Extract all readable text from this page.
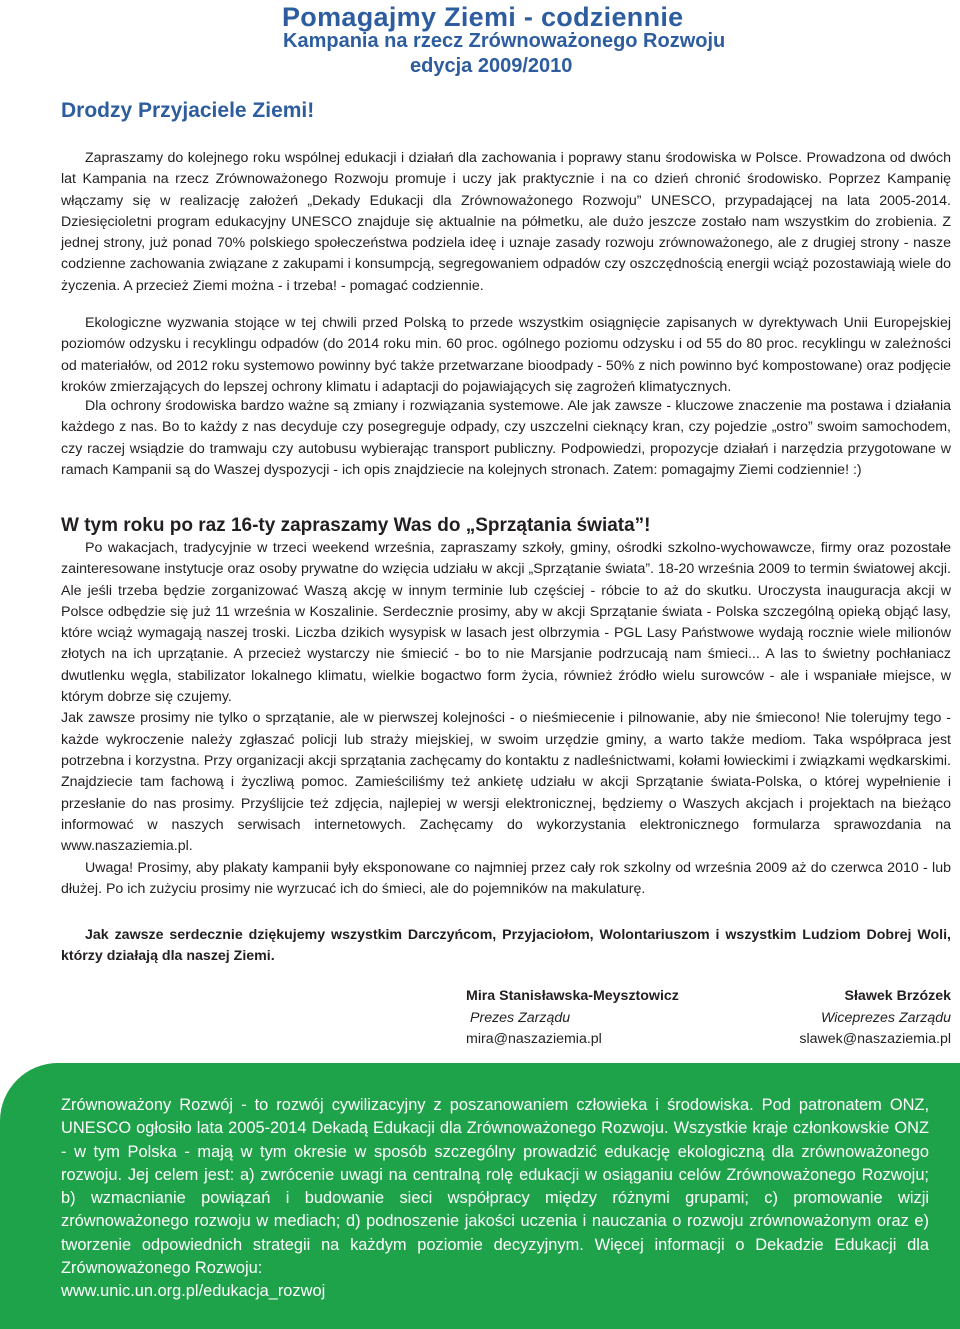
Pomagajmy Ziemi - codziennie
Kampania na rzecz Zrównoważonego Rozwoju
edycja 2009/2010
Drodzy Przyjaciele Ziemi!

Zapraszamy do kolejnego roku wspólnej edukacji i działań dla zachowania i poprawy stanu środowiska w Polsce. Prowadzona od dwóch lat Kampania na rzecz Zrównoważonego Rozwoju promuje i uczy jak praktycznie i na co dzień chronić środowisko. Poprzez Kampanię włączamy się w realizację założeń „Dekady Edukacji dla Zrównoważonego Rozwoju” UNESCO, przypadającej na lata 2005-2014. Dziesięcioletni program edukacyjny UNESCO znajduje się aktualnie na półmetku, ale dużo jeszcze zostało nam wszystkim do zrobienia. Z jednej strony, już ponad 70% polskiego społeczeństwa podziela ideę i uznaje zasady rozwoju zrównoważonego, ale z drugiej strony - nasze codzienne zachowania związane z zakupami i konsumpcją, segregowaniem odpadów czy oszczędnością energii wciąż pozostawiają wiele do życzenia. A przecież Ziemi można - i trzeba! - pomagać codziennie.

Ekologiczne wyzwania stojące w tej chwili przed Polską to przede wszystkim osiągnięcie zapisanych w dyrektywach Unii Europejskiej poziomów odzysku i recyklingu odpadów (do 2014 roku min. 60 proc. ogólnego poziomu odzysku i od 55 do 80 proc. recyklingu w zależności od materiałów, od 2012 roku systemowo powinny być także przetwarzane bioodpady - 50% z nich powinno być kompostowane) oraz podjęcie kroków zmierzających do lepszej ochrony klimatu i adaptacji do pojawiających się zagrożeń klimatycznych.

Dla ochrony środowiska bardzo ważne są zmiany i rozwiązania systemowe. Ale jak zawsze - kluczowe znaczenie ma postawa i działania każdego z nas. Bo to każdy z nas decyduje czy posegreguje odpady, czy uszczelni cieknący kran, czy pojedzie „ostro” swoim samochodem, czy raczej wsiądzie do tramwaju czy autobusu wybierając transport publiczny. Podpowiedzi, propozycje działań i narzędzia przygotowane w ramach Kampanii są do Waszej dyspozycji - ich opis znajdziecie na kolejnych stronach. Zatem: pomagajmy Ziemi codziennie! :)

W tym roku po raz 16-ty zapraszamy Was do „Sprzątania świata”!

Po wakacjach, tradycyjnie w trzeci weekend września, zapraszamy szkoły, gminy, ośrodki szkolno-wychowawcze, firmy oraz pozostałe zainteresowane instytucje oraz osoby prywatne do wzięcia udziału w akcji „Sprzątanie świata”. 18-20 września 2009 to termin światowej akcji. Ale jeśli trzeba będzie zorganizować Waszą akcję w innym terminie lub częściej - róbcie to aż do skutku. Uroczysta inauguracja akcji w Polsce odbędzie się już 11 września w Koszalinie. Serdecznie prosimy, aby w akcji Sprzątanie świata - Polska szczególną opieką objąć lasy, które wciąż wymagają naszej troski. Liczba dzikich wysypisk w lasach jest olbrzymia - PGL Lasy Państwowe wydają rocznie wiele milionów złotych na ich uprzątanie. A przecież wystarczy nie śmiecić - bo to nie Marsjanie podrzucają nam śmieci... A las to świetny pochłaniacz dwutlenku węgla, stabilizator lokalnego klimatu, wielkie bogactwo form życia, również źródło wielu surowców - ale i wspaniałe miejsce, w którym dobrze się czujemy.

Jak zawsze prosimy nie tylko o sprzątanie, ale w pierwszej kolejności - o nieśmiecenie i pilnowanie, aby nie śmiecono! Nie tolerujmy tego - każde wykroczenie należy zgłaszać policji lub straży miejskiej, w swoim urzędzie gminy, a warto także mediom. Taka współpraca jest potrzebna i korzystna. Przy organizacji akcji sprzątania zachęcamy do kontaktu z nadleśnictwami, kołami łowieckimi i związkami wędkarskimi. Znajdziecie tam fachową i życzliwą pomoc. Zamieściliśmy też ankietę udziału w akcji Sprzątanie świata-Polska, o której wypełnienie i przesłanie do nas prosimy. Przyślijcie też zdjęcia, najlepiej w wersji elektronicznej, będziemy o Waszych akcjach i projektach na bieżąco informować w naszych serwisach internetowych. Zachęcamy do wykorzystania elektronicznego formularza sprawozdania na www.naszaziemia.pl.

Uwaga! Prosimy, aby plakaty kampanii były eksponowane co najmniej przez cały rok szkolny od września 2009 aż do czerwca 2010 - lub dłużej. Po ich zużyciu prosimy nie wyrzucać ich do śmieci, ale do pojemników na makulaturę.

Jak zawsze serdecznie dziękujemy wszystkim Darczyńcom, Przyjaciołom, Wolontariuszom i wszystkim Ludziom Dobrej Woli, którzy działają dla naszej Ziemi.

Mira Stanisławska-Meysztowicz
Prezes Zarządu
mira@naszaziemia.pl
Sławek Brzózek
Wiceprezes Zarządu
slawek@naszaziemia.pl
Zrównoważony Rozwój - to rozwój cywilizacyjny z poszanowaniem człowieka i środowiska. Pod patronatem ONZ, UNESCO ogłosiło lata 2005-2014 Dekadą Edukacji dla Zrównoważonego Rozwoju. Wszystkie kraje członkowskie ONZ - w tym Polska - mają w tym okresie w sposób szczególny prowadzić edukację ekologiczną dla zrównoważonego rozwoju. Jej celem jest: a) zwrócenie uwagi na centralną rolę edukacji w osiąganiu celów Zrównoważonego Rozwoju; b) wzmacnianie powiązań i budowanie sieci współpracy między różnymi grupami; c) promowanie wizji zrównoważonego rozwoju w mediach; d) podnoszenie jakości uczenia i nauczania o rozwoju zrównoważonym oraz e) tworzenie odpowiednich strategii na każdym poziomie decyzyjnym. Więcej informacji o Dekadzie Edukacji dla Zrównoważonego Rozwoju:
www.unic.un.org.pl/edukacja_rozwoj
